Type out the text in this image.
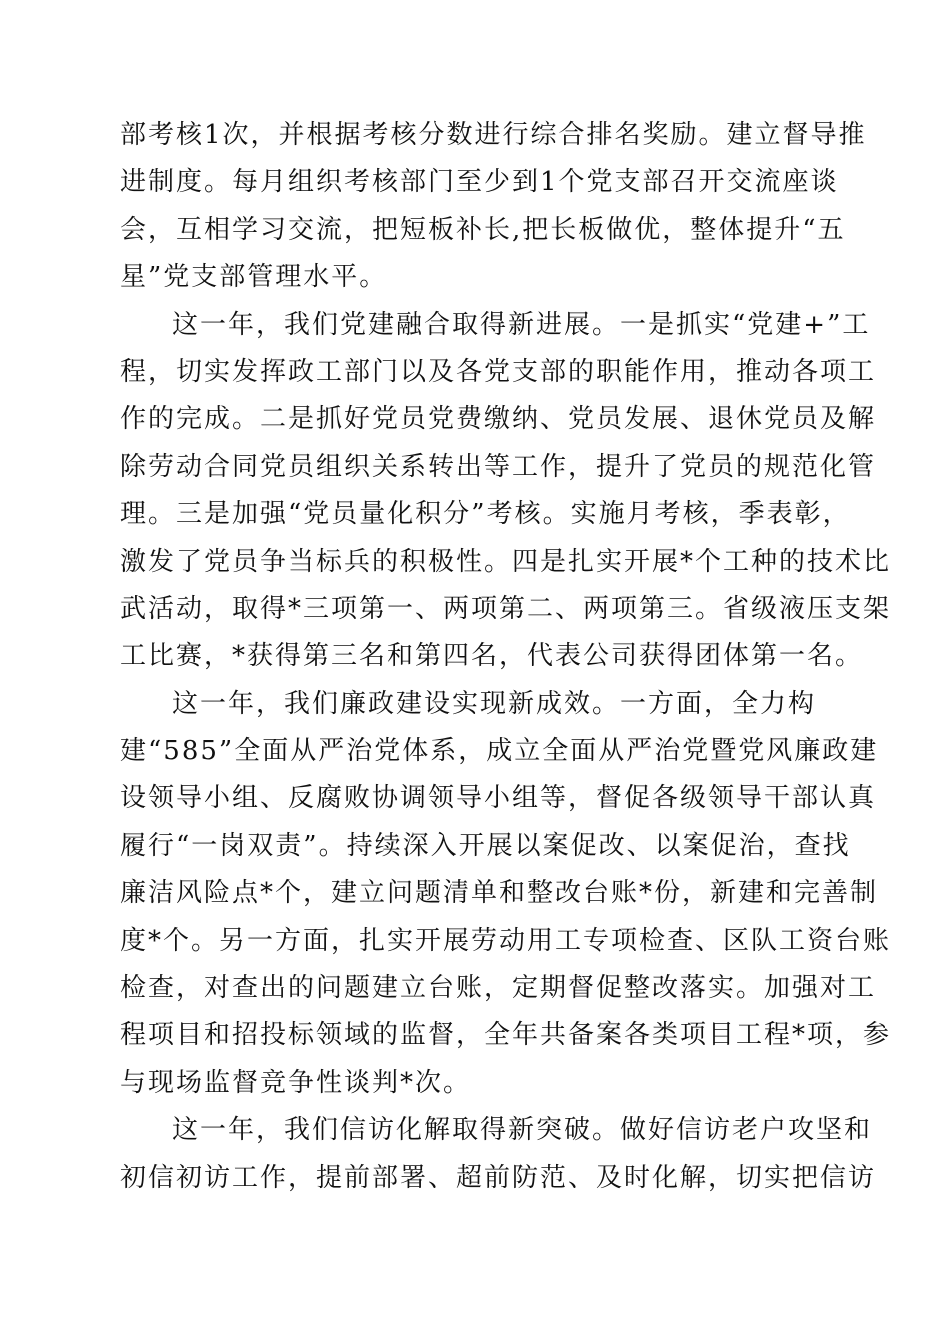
部考核1次，并根据考核分数进行综合排名奖励。建立督导推
进制度。每月组织考核部门至少到1个党支部召开交流座谈
会，互相学习交流，把短板补长,把长板做优，整体提升“五
星”党支部管理水平。
这一年，我们党建融合取得新进展。一是抓实“党建+”工
程，切实发挥政工部门以及各党支部的职能作用，推动各项工
作的完成。二是抓好党员党费缴纳、党员发展、退休党员及解
除劳动合同党员组织关系转出等工作，提升了党员的规范化管
理。三是加强“党员量化积分”考核。实施月考核，季表彰，
激发了党员争当标兵的积极性。四是扎实开展*个工种的技术比
武活动，取得*三项第一、两项第二、两项第三。省级液压支架
工比赛，*获得第三名和第四名，代表公司获得团体第一名。
这一年，我们廉政建设实现新成效。一方面，全力构
建“585”全面从严治党体系，成立全面从严治党暨党风廉政建
设领导小组、反腐败协调领导小组等，督促各级领导干部认真
履行“一岗双责”。持续深入开展以案促改、以案促治，查找
廉洁风险点*个，建立问题清单和整改台账*份，新建和完善制
度*个。另一方面，扎实开展劳动用工专项检查、区队工资台账
检查，对查出的问题建立台账，定期督促整改落实。加强对工
程项目和招投标领域的监督，全年共备案各类项目工程*项，参
与现场监督竞争性谈判*次。
这一年，我们信访化解取得新突破。做好信访老户攻坚和
初信初访工作，提前部署、超前防范、及时化解，切实把信访
